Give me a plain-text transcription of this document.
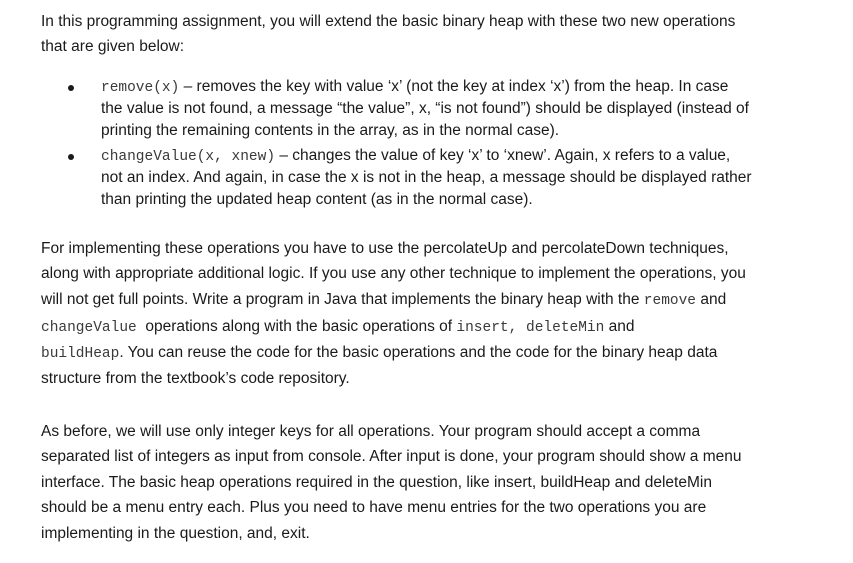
In this programming assignment, you will extend the basic binary heap with these two new operations
that are given below:
remove(x) – removes the key with value ‘x’ (not the key at index ‘x’) from the heap. In case
the value is not found, a message “the value”, x, “is not found”) should be displayed (instead of
printing the remaining contents in the array, as in the normal case).
changeValue(x, xnew) – changes the value of key ‘x’ to ‘xnew’. Again, x refers to a value,
not an index. And again, in case the x is not in the heap, a message should be displayed rather
than printing the updated heap content (as in the normal case).
For implementing these operations you have to use the percolateUp and percolateDown techniques,
along with appropriate additional logic. If you use any other technique to implement the operations, you
will not get full points. Write a program in Java that implements the binary heap with the remove and
changeValue  operations along with the basic operations of insert, deleteMin and
buildHeap. You can reuse the code for the basic operations and the code for the binary heap data
structure from the textbook’s code repository.
As before, we will use only integer keys for all operations. Your program should accept a comma
separated list of integers as input from console. After input is done, your program should show a menu
interface. The basic heap operations required in the question, like insert, buildHeap and deleteMin
should be a menu entry each. Plus you need to have menu entries for the two operations you are
implementing in the question, and, exit.
